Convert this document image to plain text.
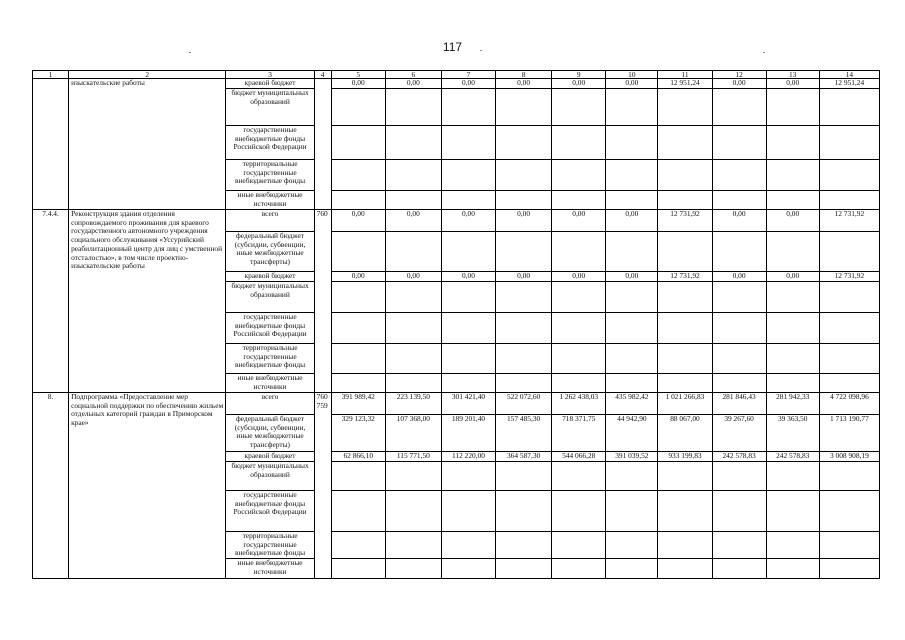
117
1	2	3	4	5	6	7	8	9	10	11	12	13	14
	изыскательские работы	краевой бюджет		0,00	0,00	0,00	0,00	0,00	0,00	12 951,24	0,00	0,00	12 951,24
		бюджет муниципальных образований											
		государственные внебюджетные фонды Российской Федерации											
		территориальные государственные внебюджетные фонды											
		иные внебюджетные источники											
7.4.4.	Реконструкция здания отделения сопровождаемого проживания для краевого государственного автономного учреждения социального обслуживания «Уссурийский реабилитационный центр для лиц с умственной отсталостью», в том числе проектно-изыскательские работы	всего	760	0,00	0,00	0,00	0,00	0,00	0,00	12 731,92	0,00	0,00	12 731,92
		федеральный бюджет (субсидии, субвенции, иные межбюджетные трансферты)											
		краевой бюджет		0,00	0,00	0,00	0,00	0,00	0,00	12 731,92	0,00	0,00	12 731,92
		бюджет муниципальных образований											
		государственные внебюджетные фонды Российской Федерации											
		территориальные государственные внебюджетные фонды											
		иные внебюджетные источники											
8.	Подпрограмма «Предоставление мер социальной поддержки по обеспечению жильем отдельных категорий граждан в Приморском крае»	всего	760 759	391 989,42	223 139,50	301 421,40	522 072,60	1 262 438,03	435 982,42	1 021 266,83	281 846,43	281 942,33	4 722 098,96
		федеральный бюджет (субсидии, субвенции, иные межбюджетные трансферты)		329 123,32	107 368,00	189 201,40	157 485,30	718 371,75	44 942,90	88 067,00	39 267,60	39 363,50	1 713 190,77
		краевой бюджет		62 866,10	115 771,50	112 220,00	364 587,30	544 066,28	391 039,52	933 199,83	242 578,83	242 578,83	3 008 908,19
		бюджет муниципальных образований											
		государственные внебюджетные фонды Российской Федерации											
		территориальные государственные внебюджетные фонды											
		иные внебюджетные источники											
